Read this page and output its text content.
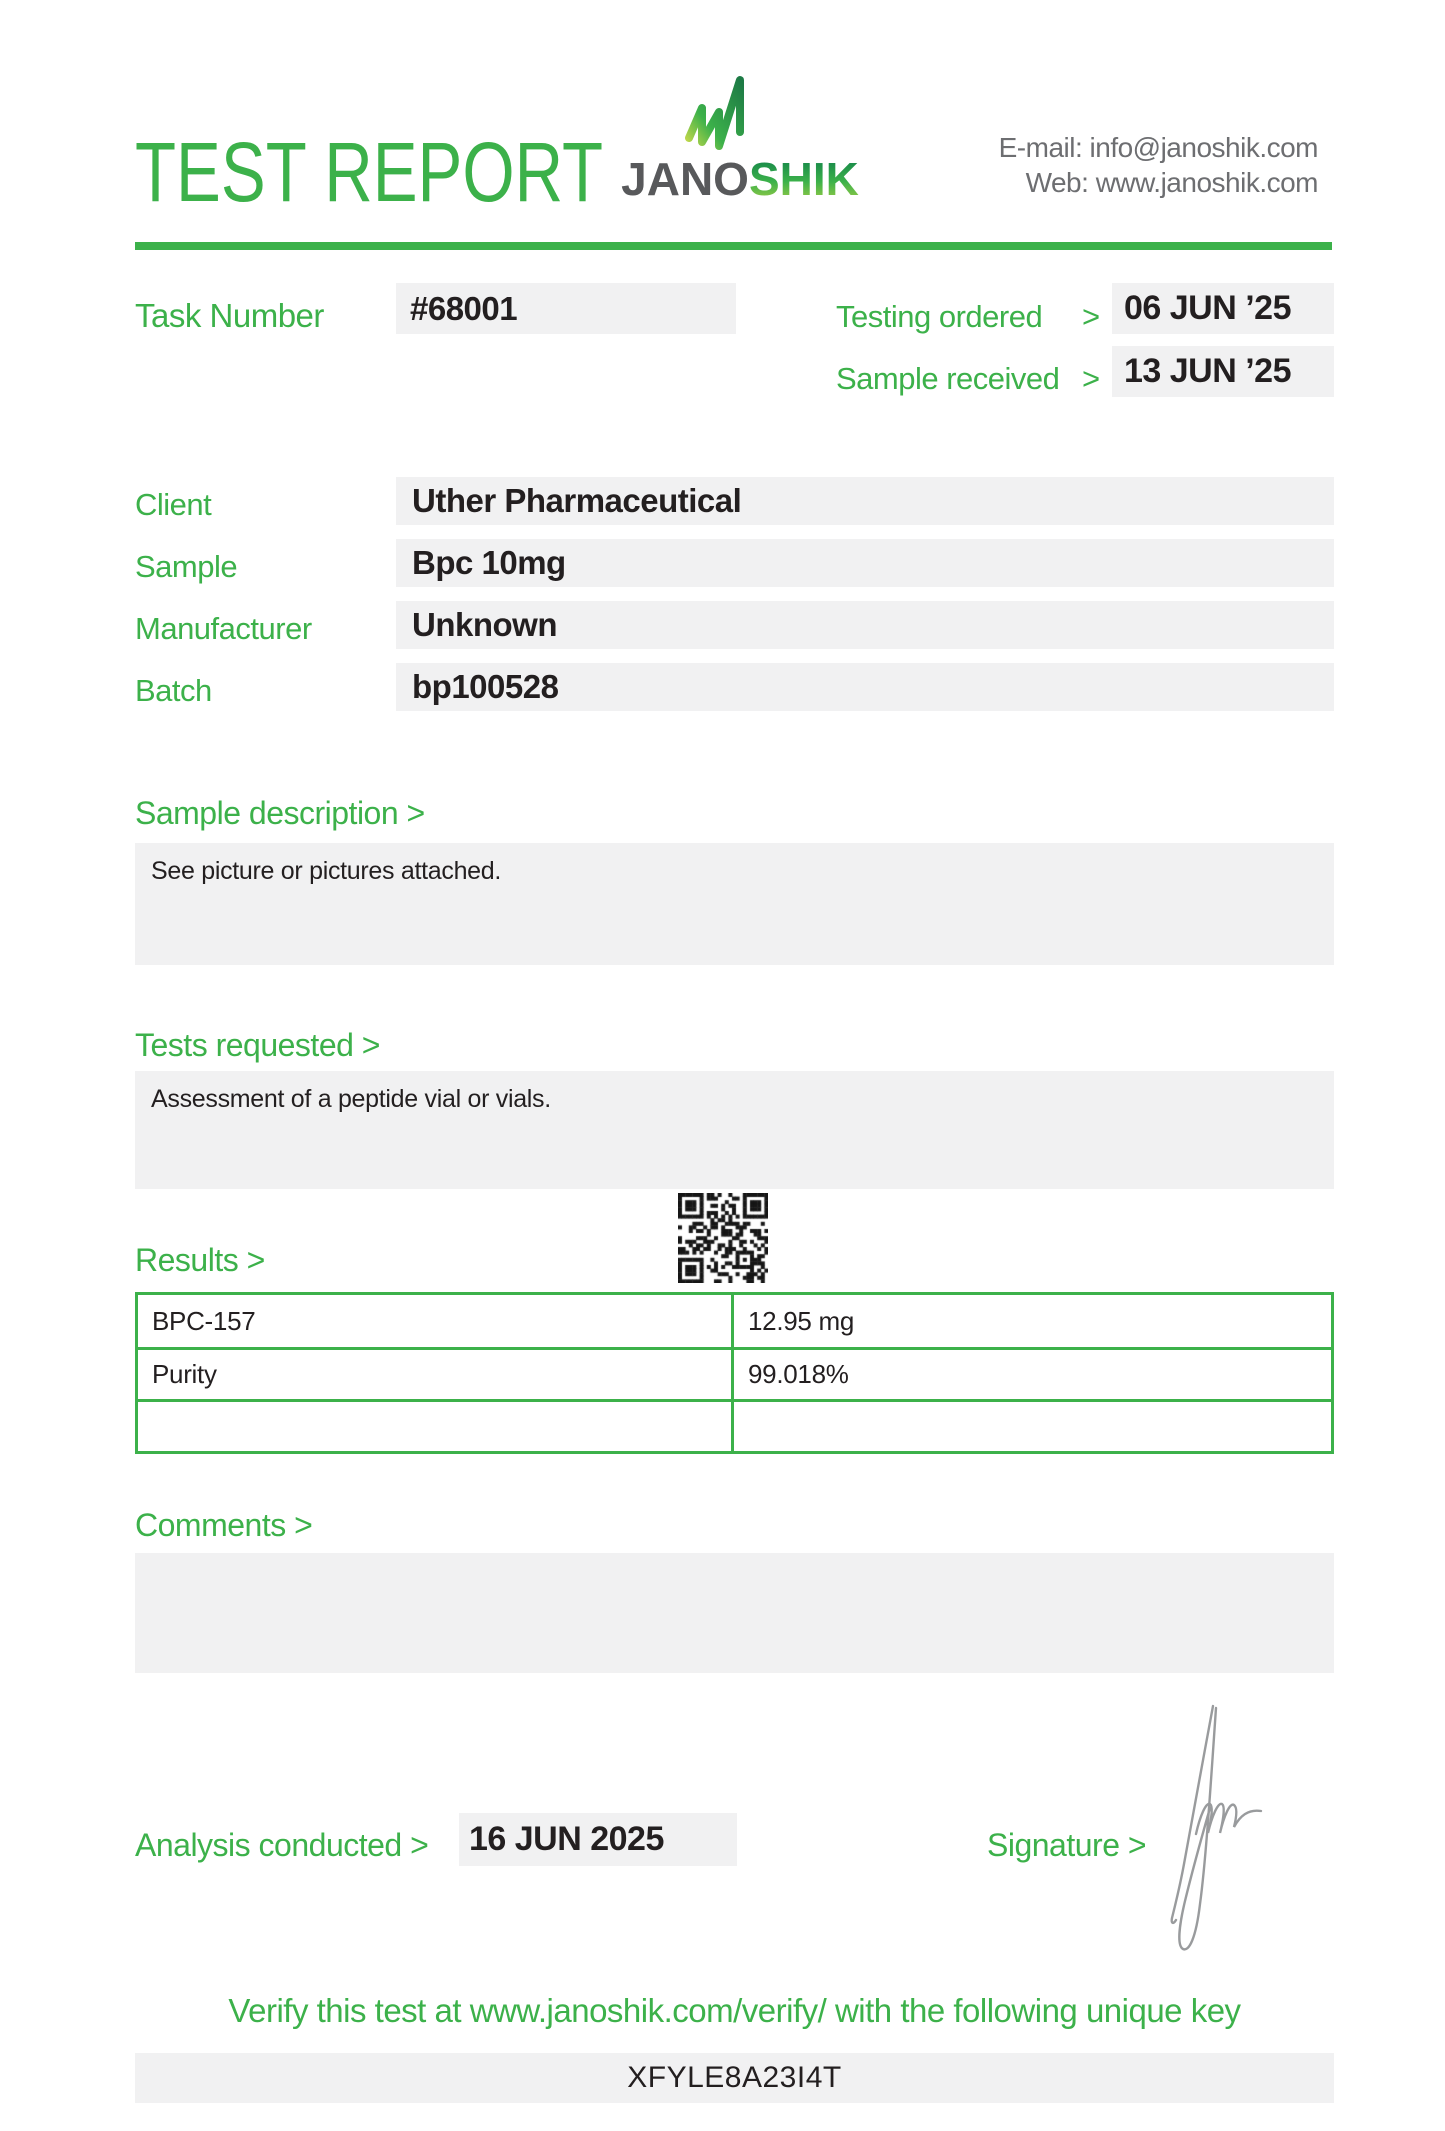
TEST REPORT JANOSHIK
E-mail: info@janoshik.com
Web: www.janoshik.com
Task Number	#68001	Testing ordered > 06 JUN ’25
Sample received > 13 JUN ’25
Client	Uther Pharmaceutical
Sample	Bpc 10mg
Manufacturer	Unknown
Batch	bp100528
Sample description >
See picture or pictures attached.
Tests requested >
Assessment of a peptide vial or vials.
Results >
BPC-157	12.95 mg
Purity	99.018%
Comments >
Analysis conducted > 16 JUN 2025	Signature >
Verify this test at www.janoshik.com/verify/ with the following unique key
XFYLE8A23I4T
